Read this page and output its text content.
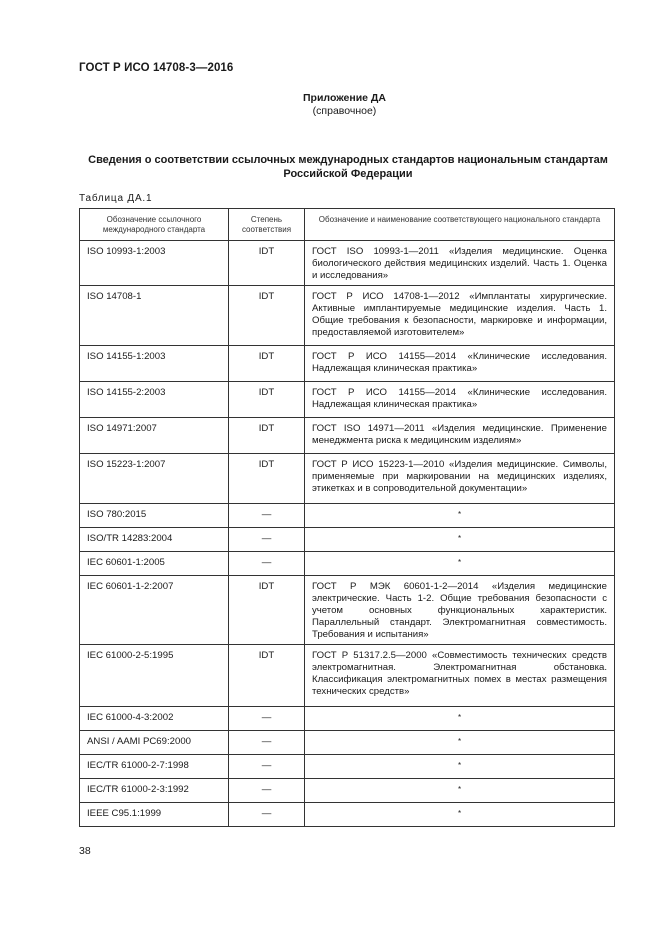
ГОСТ Р ИСО 14708-3—2016
Приложение ДА
(справочное)
Сведения о соответствии ссылочных международных стандартов национальным стандартам Российской Федерации
Таблица ДА.1
Обозначение ссылочного международного стандарта	Степень соответствия	Обозначение и наименование соответствующего национального стандарта
ISO 10993-1:2003	IDT	ГОСТ ISO 10993-1—2011 «Изделия медицинские. Оценка биологического действия медицинских изделий. Часть 1. Оценка и исследования»
ISO 14708-1	IDT	ГОСТ Р ИСО 14708-1—2012 «Имплантаты хирургические. Активные имплантируемые медицинские изделия. Часть 1. Общие требования к безопасности, маркировке и информации, предоставляемой изготовителем»
ISO 14155-1:2003	IDT	ГОСТ Р ИСО 14155—2014 «Клинические исследования. Надлежащая клиническая практика»
ISO 14155-2:2003	IDT	ГОСТ Р ИСО 14155—2014 «Клинические исследования. Надлежащая клиническая практика»
ISO 14971:2007	IDT	ГОСТ ISO 14971—2011 «Изделия медицинские. Применение менеджмента риска к медицинским изделиям»
ISO 15223-1:2007	IDT	ГОСТ Р ИСО 15223-1—2010 «Изделия медицинские. Символы, применяемые при маркировании на медицинских изделиях, этикетках и в сопроводительной документации»
ISO 780:2015	—	*
ISO/TR 14283:2004	—	*
IEC 60601-1:2005	—	*
IEC 60601-1-2:2007	IDT	ГОСТ Р МЭК 60601-1-2—2014 «Изделия медицинские электрические. Часть 1-2. Общие требования безопасности с учетом основных функциональных характеристик. Параллельный стандарт. Электромагнитная совместимость. Требования и испытания»
IEC 61000-2-5:1995	IDT	ГОСТ Р 51317.2.5—2000 «Совместимость технических средств электромагнитная. Электромагнитная обстановка. Классификация электромагнитных помех в местах размещения технических средств»
IEC 61000-4-3:2002	—	*
ANSI / AAMI PC69:2000	—	*
IEC/TR 61000-2-7:1998	—	*
IEC/TR 61000-2-3:1992	—	*
IEEE C95.1:1999	—	*
38
